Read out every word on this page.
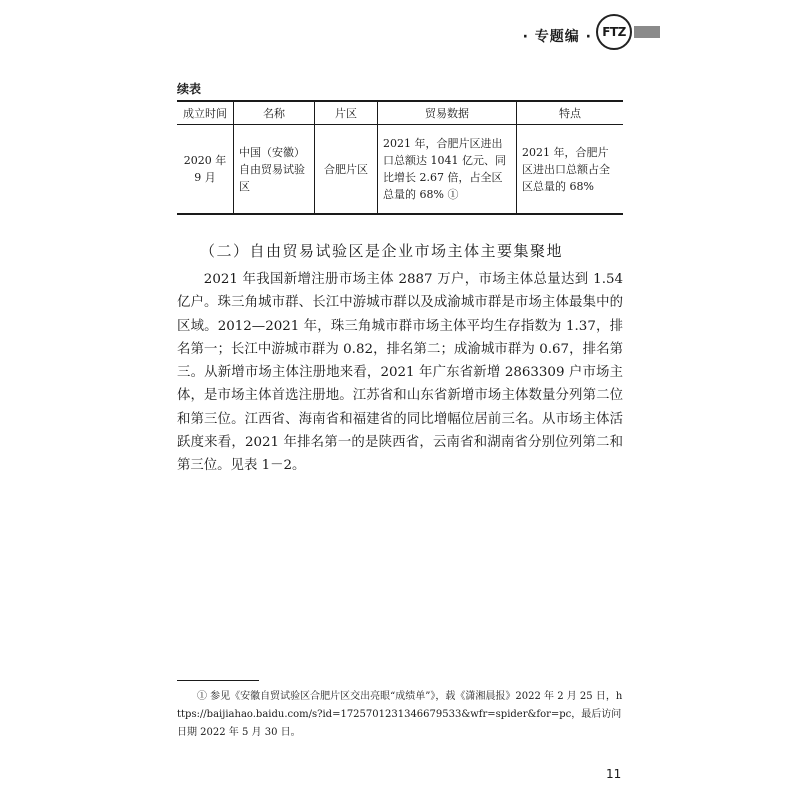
· 专题编 · FTZ
续表
成立时间	名称	片区	贸易数据	特点
2020 年 9 月	中国（安徽）自由贸易试验区	合肥片区	2021 年，合肥片区进出口总额达 1041 亿元、同比增长 2.67 倍，占全区总量的 68% ①	2021 年，合肥片区进出口总额占全区总量的 68%
（二）自由贸易试验区是企业市场主体主要集聚地

2021 年我国新增注册市场主体 2887 万户，市场主体总量达到 1.54 亿户。珠三角城市群、长江中游城市群以及成渝城市群是市场主体最集中的区域。2012—2021 年，珠三角城市群市场主体平均生存指数为 1.37，排名第一；长江中游城市群为 0.82，排名第二；成渝城市群为 0.67，排名第三。从新增市场主体注册地来看，2021 年广东省新增 2863309 户市场主体，是市场主体首选注册地。江苏省和山东省新增市场主体数量分列第二位和第三位。江西省、海南省和福建省的同比增幅位居前三名。从市场主体活跃度来看，2021 年排名第一的是陕西省，云南省和湖南省分别位列第二和第三位。见表 1－2。

① 参见《安徽自贸试验区合肥片区交出亮眼“成绩单”》，载《潇湘晨报》2022 年 2 月 25 日，https://baijiahao.baidu.com/s?id=1725701231346679533&wfr=spider&for=pc，最后访问日期 2022 年 5 月 30 日。

11
